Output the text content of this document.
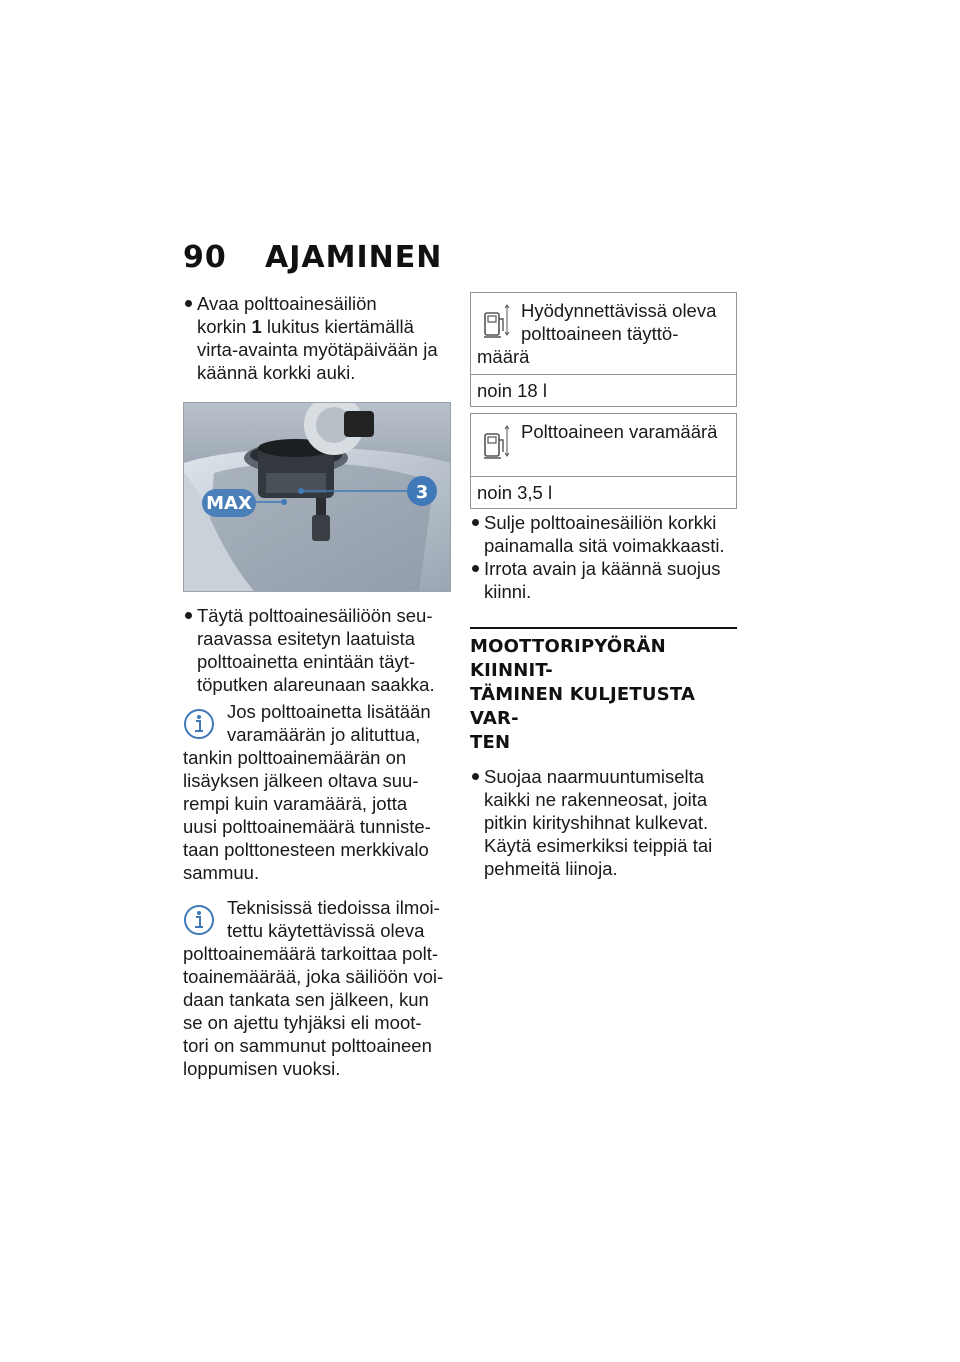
90 AJAMINEN
Avaa polttoainesäiliön
korkin 1 lukitus kiertämällä
virta-avainta myötäpäivään ja
käännä korkki auki.
MAX
3
Täytä polttoainesäiliöön seu-
raavassa esitetyn laatuista
polttoainetta enintään täyt-
töputken alareunaan saakka.

Jos polttoainetta lisätään
varamäärän jo alituttua,
tankin polttoainemäärän on
lisäyksen jälkeen oltava suu-
rempi kuin varamäärä, jotta
uusi polttoainemäärä tunniste-
taan polttonesteen merkkivalo
sammuu.

Teknisissä tiedoissa ilmoi-
tettu käytettävissä oleva
polttoainemäärä tarkoittaa polt-
toainemäärää, joka säiliöön voi-
daan tankata sen jälkeen, kun
se on ajettu tyhjäksi eli moot-
tori on sammunut polttoaineen
loppumisen vuoksi.

Hyödynnettävissä oleva
polttoaineen täyttö-
määrä
noin 18 l
Polttoaineen varamäärä
noin 3,5 l
Sulje polttoainesäiliön korkki
painamalla sitä voimakkaasti.
Irrota avain ja käännä suojus
kiinni.
MOOTTORIPYÖRÄN KIINNIT-
TÄMINEN KULJETUSTA VAR-
TEN
Suojaa naarmuuntumiselta
kaikki ne rakenneosat, joita
pitkin kirityshihnat kulkevat.
Käytä esimerkiksi teippiä tai
pehmeitä liinoja.
